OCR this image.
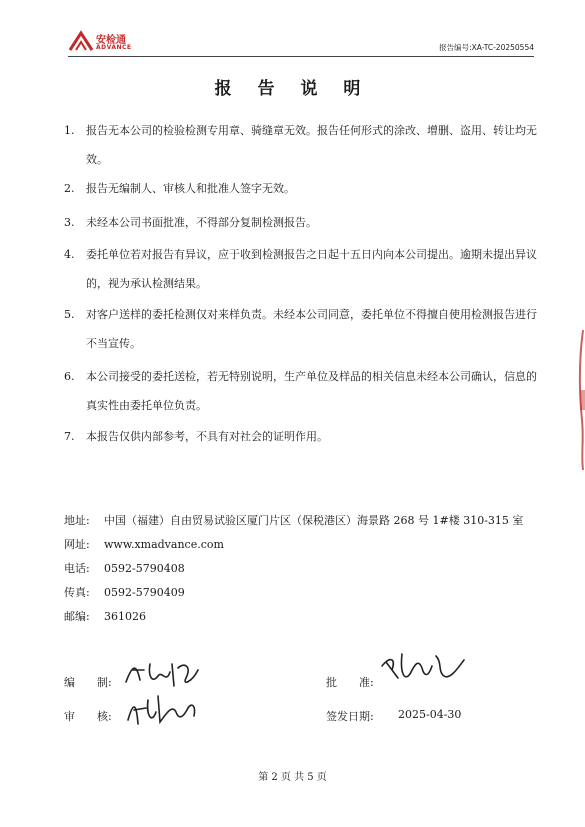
安检通
ADVANCE	报告编号:XA-TC-20250554
报 告 说 明
1.	报告无本公司的检验检测专用章、骑缝章无效。报告任何形式的涂改、增删、盗用、转让均无效。
2.	报告无编制人、审核人和批准人签字无效。
3.	未经本公司书面批准，不得部分复制检测报告。
4.	委托单位若对报告有异议，应于收到检测报告之日起十五日内向本公司提出。逾期未提出异议的，视为承认检测结果。
5.	对客户送样的委托检测仅对来样负责。未经本公司同意，委托单位不得擅自使用检测报告进行不当宣传。
6.	本公司接受的委托送检，若无特别说明，生产单位及样品的相关信息未经本公司确认，信息的真实性由委托单位负责。
7.	本报告仅供内部参考，不具有对社会的证明作用。
地址: 中国（福建）自由贸易试验区厦门片区（保税港区）海景路 268 号 1#楼 310-315 室
网址: www.xmadvance.com
电话: 0592-5790408
传真: 0592-5790409
邮编: 361026
编　　制:
审　　核:
批　　准:
签发日期: 2025-04-30
第 2 页 共 5 页
